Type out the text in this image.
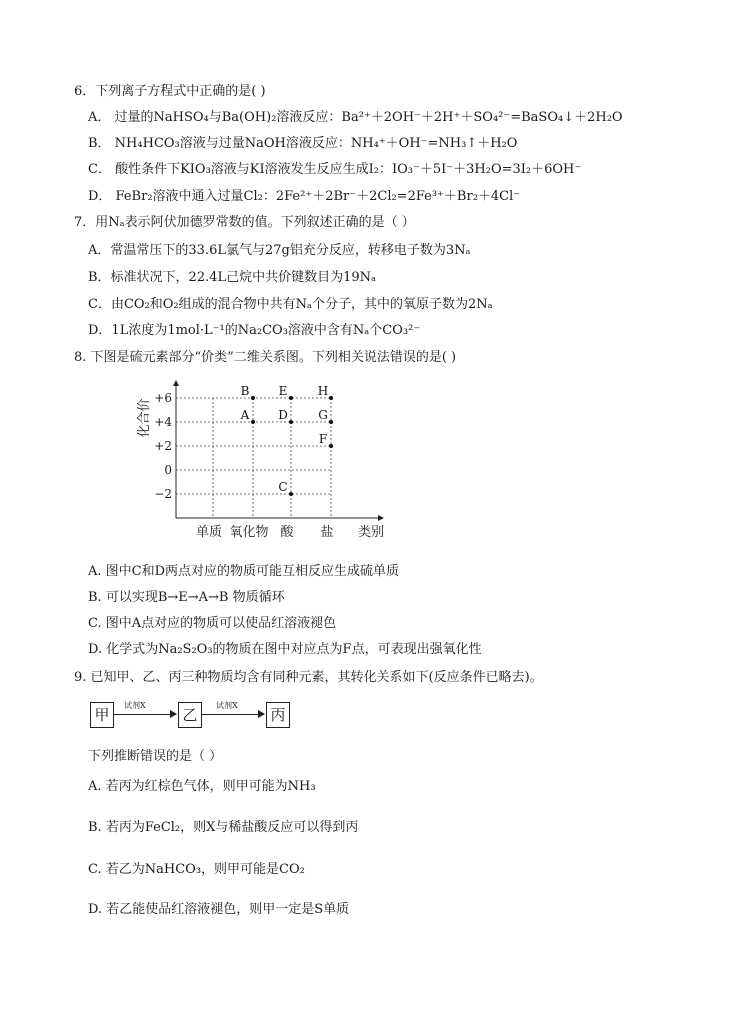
6．下列离子方程式中正确的是( )
A． 过量的NaHSO₄与Ba(OH)₂溶液反应：Ba²⁺＋2OH⁻＋2H⁺＋SO₄²⁻=BaSO₄↓＋2H₂O
B． NH₄HCO₃溶液与过量NaOH溶液反应：NH₄⁺＋OH⁻=NH₃↑＋H₂O
C． 酸性条件下KIO₃溶液与KI溶液发生反应生成I₂：IO₃⁻＋5I⁻＋3H₂O=3I₂＋6OH⁻
D． FeBr₂溶液中通入过量Cl₂：2Fe²⁺＋2Br⁻＋2Cl₂=2Fe³⁺＋Br₂＋4Cl⁻
7．用Nₐ表示阿伏加德罗常数的值。下列叙述正确的是（ ）
A．常温常压下的33.6L氯气与27g铝充分反应，转移电子数为3Nₐ
B．标准状况下，22.4L己烷中共价键数目为19Nₐ
C．由CO₂和O₂组成的混合物中共有Nₐ个分子，其中的氧原子数为2Nₐ
D．1L浓度为1mol·L⁻¹的Na₂CO₃溶液中含有Nₐ个CO₃²⁻
8. 下图是硫元素部分“价类”二维关系图。下列相关说法错误的是( )
+6
+4
+2
0
−2
单质 氧化物 酸 盐 类别
化合价
B
A
E
D
C
H
G
F
A. 图中C和D两点对应的物质可能互相反应生成硫单质
B. 可以实现B→E→A→B 物质循环
C. 图中A点对应的物质可以使品红溶液褪色
D. 化学式为Na₂S₂O₃的物质在图中对应点为F点，可表现出强氧化性
9. 已知甲、乙、丙三种物质均含有同种元素，其转化关系如下(反应条件已略去)。
甲
试剂X
乙
试剂X
丙
下列推断错误的是（ ）
A. 若丙为红棕色气体，则甲可能为NH₃
B. 若丙为FeCl₂，则X与稀盐酸反应可以得到丙
C. 若乙为NaHCO₃，则甲可能是CO₂
D. 若乙能使品红溶液褪色，则甲一定是S单质
